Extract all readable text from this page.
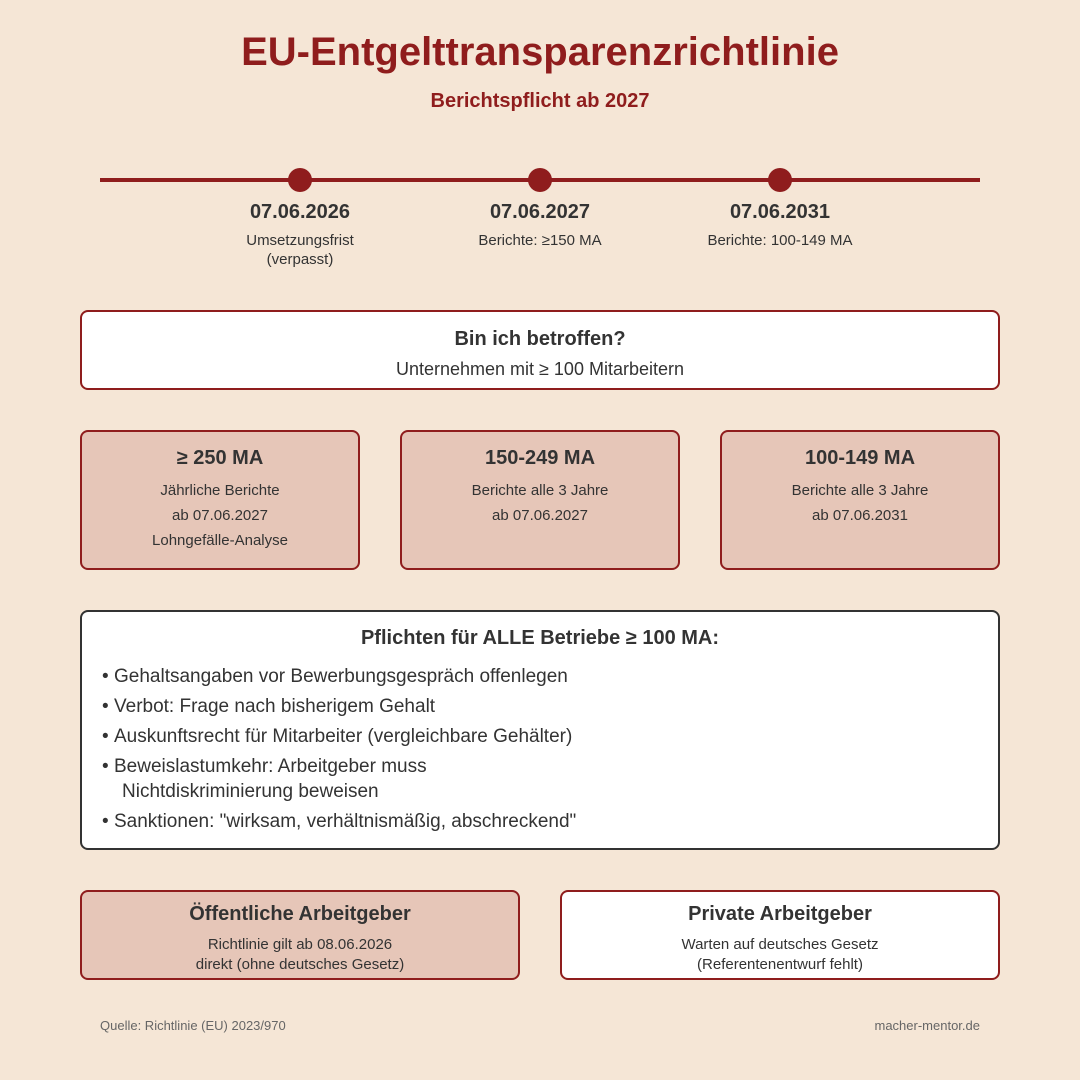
EU-Entgelttransparenzrichtlinie
Berichtspflicht ab 2027
07.06.2026
Umsetzungsfrist
(verpasst)
07.06.2027
Berichte: ≥150 MA
07.06.2031
Berichte: 100-149 MA
Bin ich betroffen?
Unternehmen mit ≥ 100 Mitarbeitern
≥ 250 MA
Jährliche Berichte
ab 07.06.2027
Lohngefälle-Analyse
150-249 MA
Berichte alle 3 Jahre
ab 07.06.2027
100-149 MA
Berichte alle 3 Jahre
ab 07.06.2031
Pflichten für ALLE Betriebe ≥ 100 MA:
• Gehaltsangaben vor Bewerbungsgespräch offenlegen
• Verbot: Frage nach bisherigem Gehalt
• Auskunftsrecht für Mitarbeiter (vergleichbare Gehälter)
• Beweislastumkehr: Arbeitgeber muss
Nichtdiskriminierung beweisen
• Sanktionen: "wirksam, verhältnismäßig, abschreckend"
Öffentliche Arbeitgeber
Richtlinie gilt ab 08.06.2026
direkt (ohne deutsches Gesetz)
Private Arbeitgeber
Warten auf deutsches Gesetz
(Referentenentwurf fehlt)
Quelle: Richtlinie (EU) 2023/970	macher-mentor.de
